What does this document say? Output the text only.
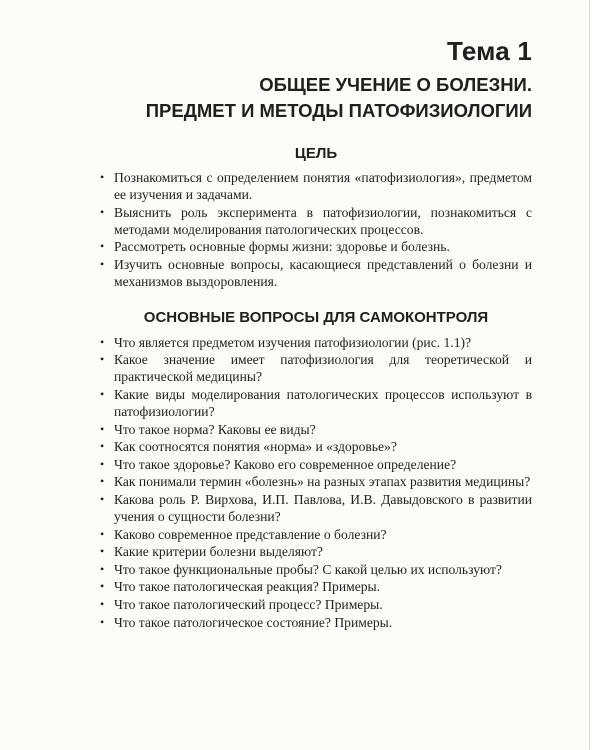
Тема 1
ОБЩЕЕ УЧЕНИЕ О БОЛЕЗНИ.
ПРЕДМЕТ И МЕТОДЫ ПАТОФИЗИОЛОГИИ
ЦЕЛЬ
• Познакомиться с определением понятия «патофизиология», предметом ее изучения и задачами.
• Выяснить роль эксперимента в патофизиологии, познакомиться с методами моделирования патологических процессов.
• Рассмотреть основные формы жизни: здоровье и болезнь.
• Изучить основные вопросы, касающиеся представлений о болезни и механизмов выздоровления.
ОСНОВНЫЕ ВОПРОСЫ ДЛЯ САМОКОНТРОЛЯ
• Что является предметом изучения патофизиологии (рис. 1.1)?
• Какое значение имеет патофизиология для теоретической и практической медицины?
• Какие виды моделирования патологических процессов используют в патофизиологии?
• Что такое норма? Каковы ее виды?
• Как соотносятся понятия «норма» и «здоровье»?
• Что такое здоровье? Каково его современное определение?
• Как понимали термин «болезнь» на разных этапах развития медицины?
• Какова роль Р. Вирхова, И.П. Павлова, И.В. Давыдовского в развитии учения о сущности болезни?
• Каково современное представление о болезни?
• Какие критерии болезни выделяют?
• Что такое функциональные пробы? С какой целью их используют?
• Что такое патологическая реакция? Примеры.
• Что такое патологический процесс? Примеры.
• Что такое патологическое состояние? Примеры.
